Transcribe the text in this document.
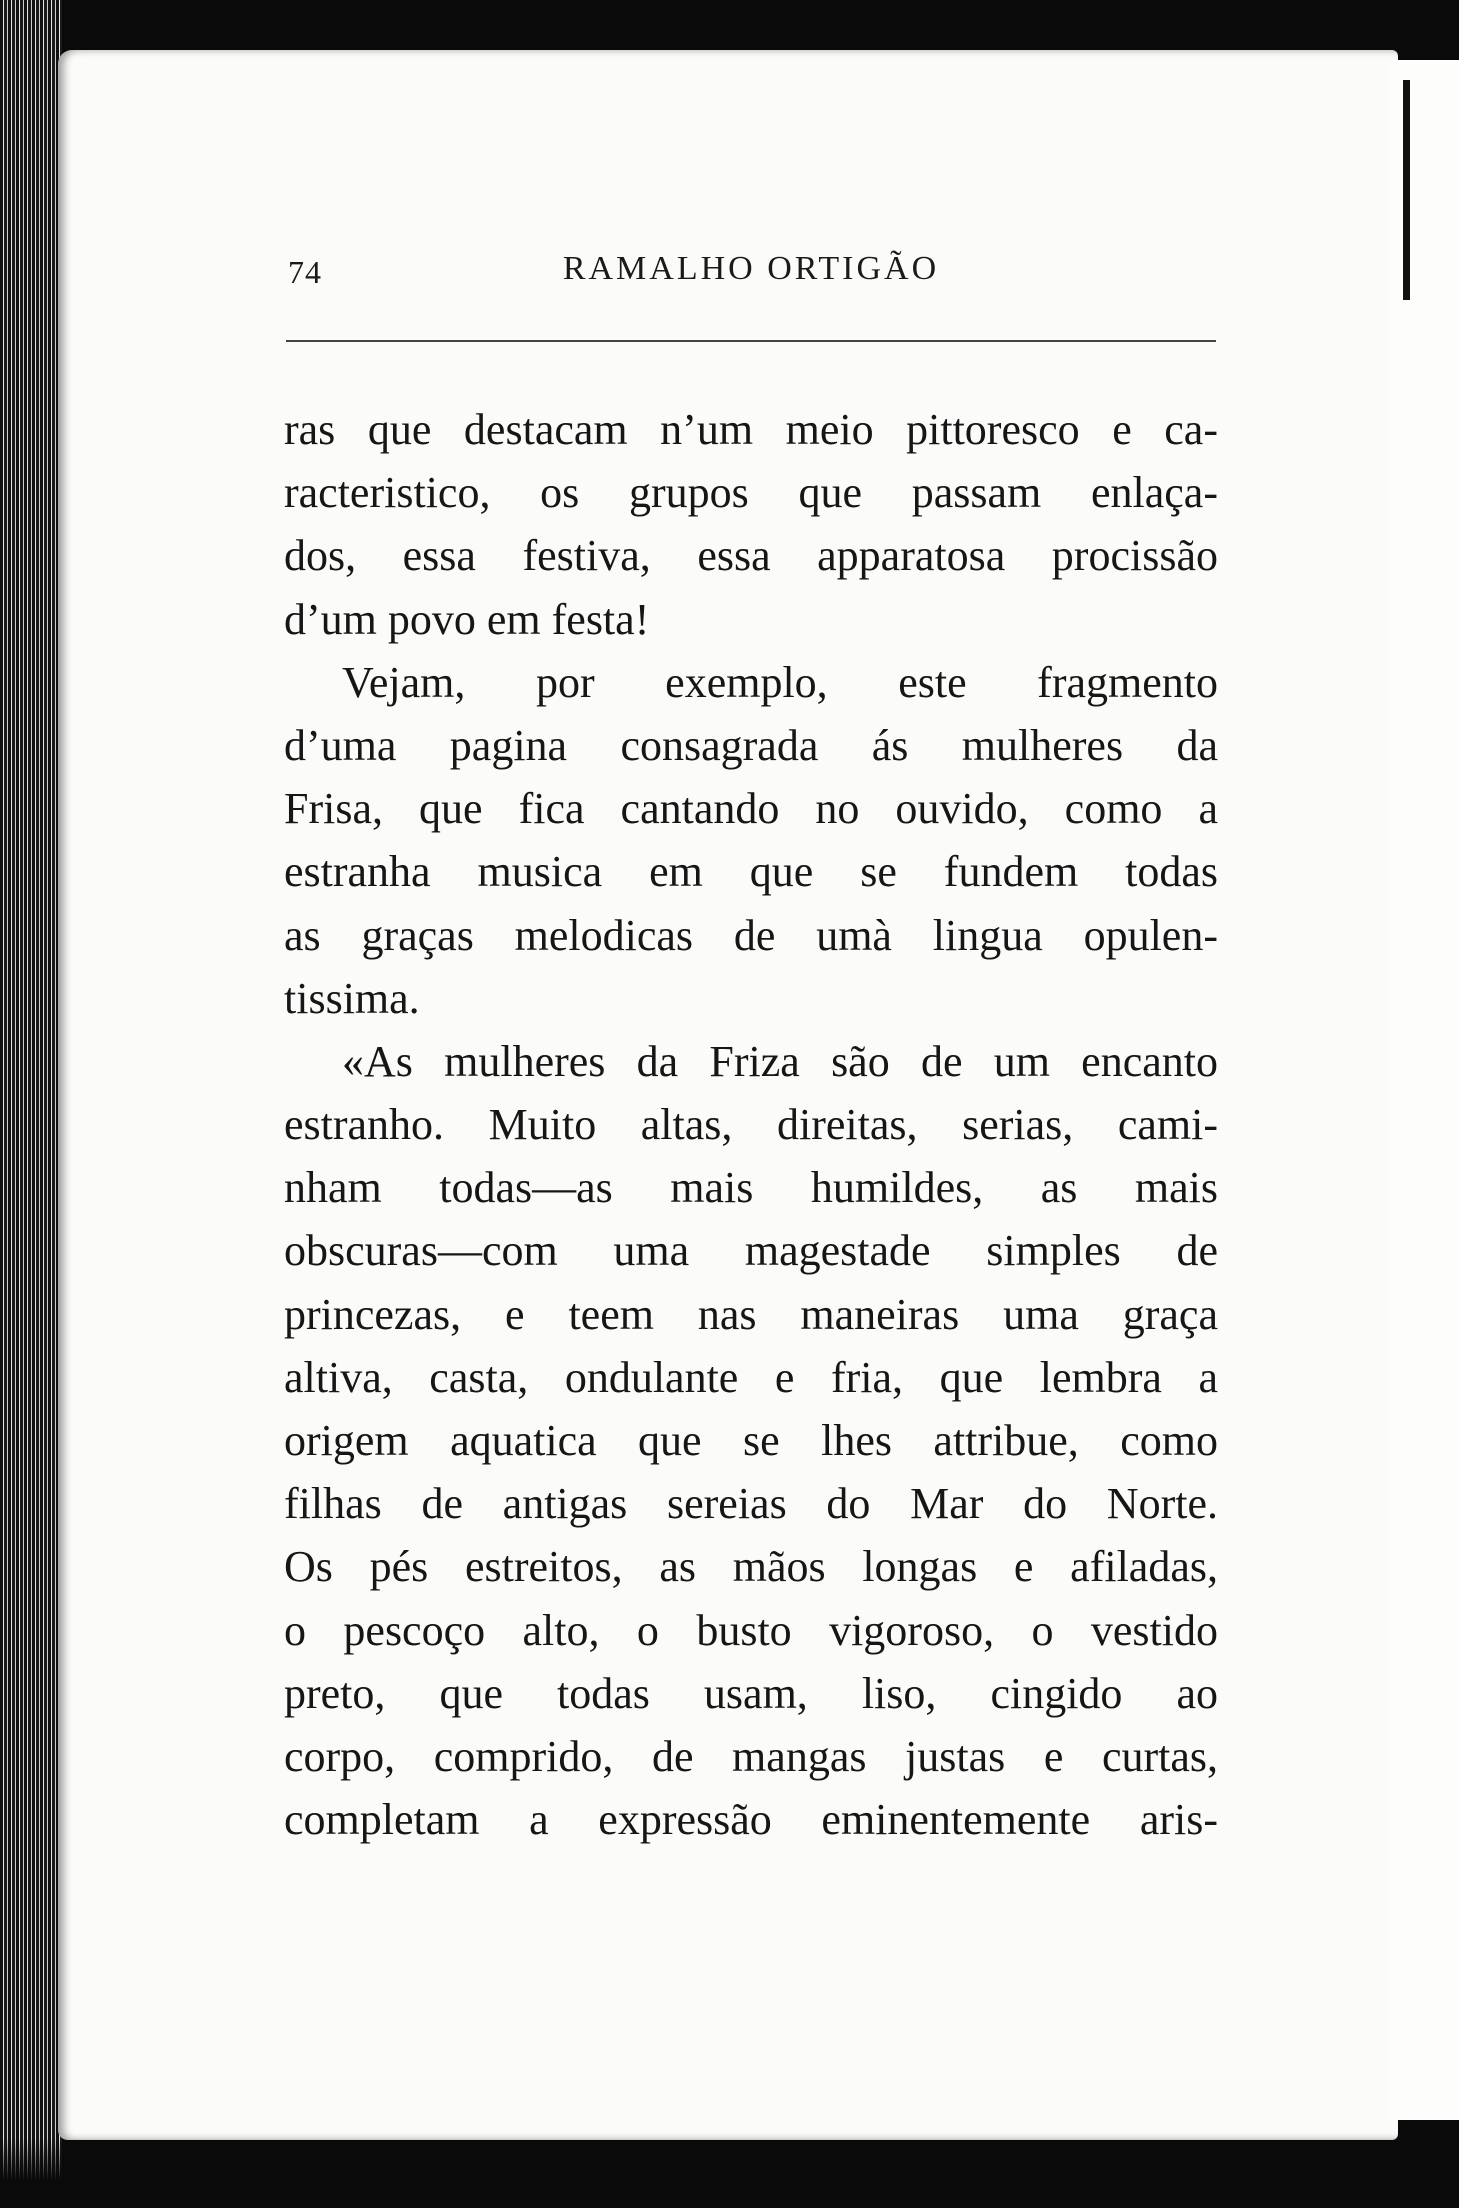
74	RAMALHO ORTIGÃO
ras que destacam n’um meio pittoresco e ca-
racteristico, os grupos que passam enlaça-
dos, essa festiva, essa apparatosa procissão
d’um povo em festa!
Vejam, por exemplo, este fragmento
d’uma pagina consagrada ás mulheres da
Frisa, que fica cantando no ouvido, como a
estranha musica em que se fundem todas
as graças melodicas de umà lingua opulen-
tissima.
«As mulheres da Friza são de um encanto
estranho. Muito altas, direitas, serias, cami-
nham todas—as mais humildes, as mais
obscuras—com uma magestade simples de
princezas, e teem nas maneiras uma graça
altiva, casta, ondulante e fria, que lembra a
origem aquatica que se lhes attribue, como
filhas de antigas sereias do Mar do Norte.
Os pés estreitos, as mãos longas e afiladas,
o pescoço alto, o busto vigoroso, o vestido
preto, que todas usam, liso, cingido ao
corpo, comprido, de mangas justas e curtas,
completam a expressão eminentemente aris-
